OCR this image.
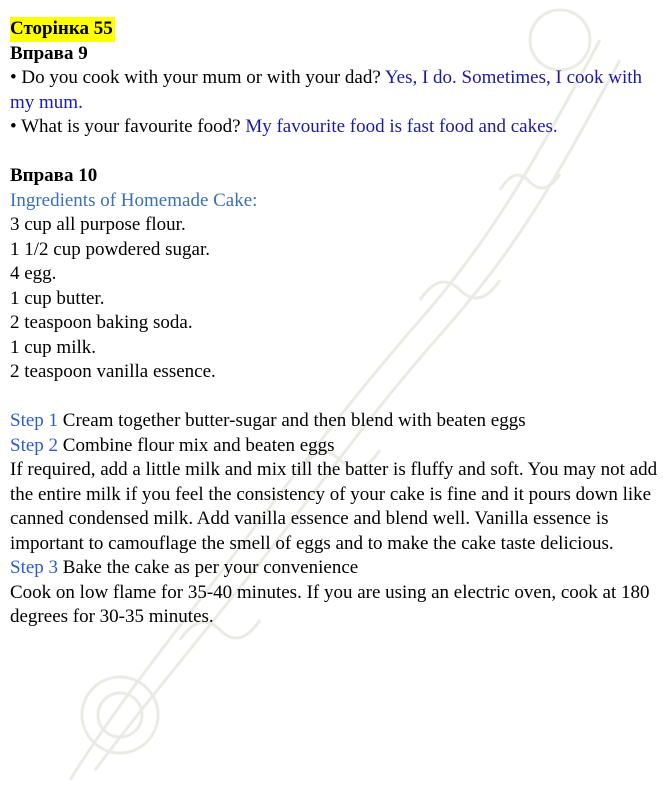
Сторінка 55
Вправа 9
• Do you cook with your mum or with your dad? Yes, I do. Sometimes, I cook with my mum.
• What is your favourite food? My favourite food is fast food and cakes.
Вправа 10
Ingredients of Homemade Cake:
3 cup all purpose flour.
1 1/2 cup powdered sugar.
4 egg.
1 cup butter.
2 teaspoon baking soda.
1 cup milk.
2 teaspoon vanilla essence.
Step 1 Cream together butter-sugar and then blend with beaten eggs
Step 2 Combine flour mix and beaten eggs
If required, add a little milk and mix till the batter is fluffy and soft. You may not add the entire milk if you feel the consistency of your cake is fine and it pours down like canned condensed milk. Add vanilla essence and blend well. Vanilla essence is important to camouflage the smell of eggs and to make the cake taste delicious.
Step 3 Bake the cake as per your convenience
Cook on low flame for 35-40 minutes. If you are using an electric oven, cook at 180 degrees for 30-35 minutes.
